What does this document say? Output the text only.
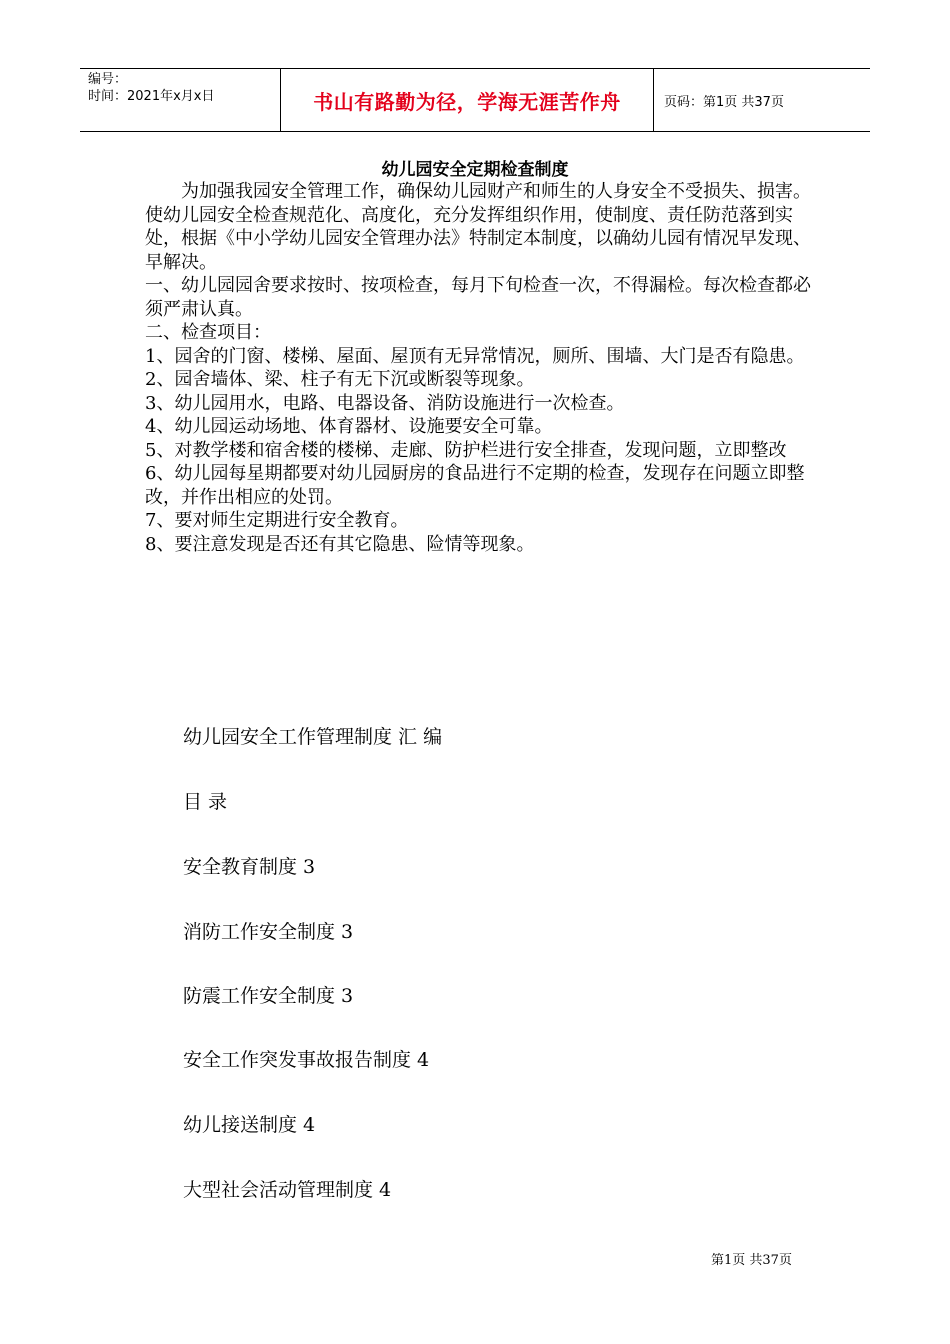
编号：
时间：2021年x月x日	书山有路勤为径，学海无涯苦作舟	页码：第1页 共37页
幼儿园安全定期检查制度

为加强我园安全管理工作，确保幼儿园财产和师生的人身安全不受损失、损害。使幼儿园安全检查规范化、高度化，充分发挥组织作用，使制度、责任防范落到实处，根据《中小学幼儿园安全管理办法》特制定本制度，以确幼儿园有情况早发现、早解决。

一、幼儿园园舍要求按时、按项检查，每月下旬检查一次，不得漏检。每次检查都必须严肃认真。

二、检查项目：

1、园舍的门窗、楼梯、屋面、屋顶有无异常情况，厕所、围墙、大门是否有隐患。

2、园舍墙体、梁、柱子有无下沉或断裂等现象。

3、幼儿园用水，电路、电器设备、消防设施进行一次检查。

4、幼儿园运动场地、体育器材、设施要安全可靠。

5、对教学楼和宿舍楼的楼梯、走廊、防护栏进行安全排查，发现问题，立即整改

6、幼儿园每星期都要对幼儿园厨房的食品进行不定期的检查，发现存在问题立即整改，并作出相应的处罚。

7、要对师生定期进行安全教育。

8、要注意发现是否还有其它隐患、险情等现象。

幼儿园安全工作管理制度 汇 编
目 录
安全教育制度 3
消防工作安全制度 3
防震工作安全制度 3
安全工作突发事故报告制度 4
幼儿接送制度 4
大型社会活动管理制度 4
第1页 共37页
